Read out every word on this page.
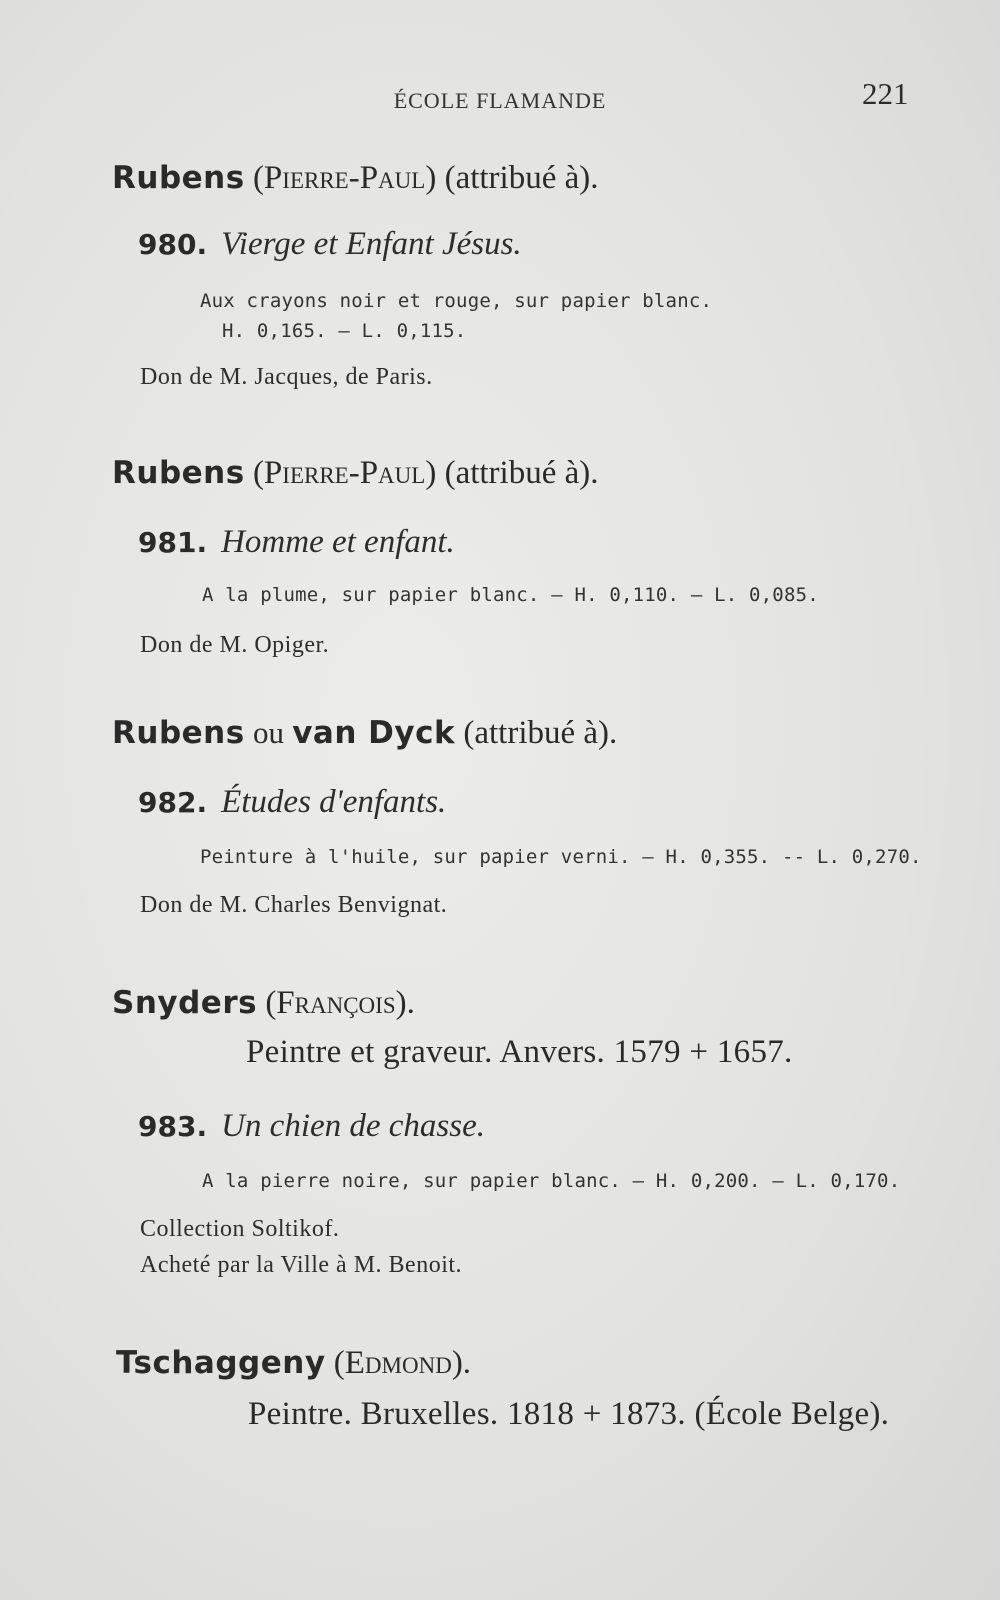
ÉCOLE FLAMANDE	221
Rubens (Pierre-Paul) (attribué à).
980. Vierge et Enfant Jésus.
Aux crayons noir et rouge, sur papier blanc.
H. 0,165. — L. 0,115.
Don de M. Jacques, de Paris.
Rubens (Pierre-Paul) (attribué à).
981. Homme et enfant.
A la plume, sur papier blanc. — H. 0,110. — L. 0,085.
Don de M. Opiger.
Rubens ou van Dyck (attribué à).
982. Études d'enfants.
Peinture à l'huile, sur papier verni. — H. 0,355. -- L. 0,270.
Don de M. Charles Benvignat.
Snyders (François).
Peintre et graveur. Anvers. 1579 + 1657.
983. Un chien de chasse.
A la pierre noire, sur papier blanc. — H. 0,200. — L. 0,170.
Collection Soltikof.
Acheté par la Ville à M. Benoit.
Tschaggeny (Edmond).
Peintre. Bruxelles. 1818 + 1873. (École Belge).
